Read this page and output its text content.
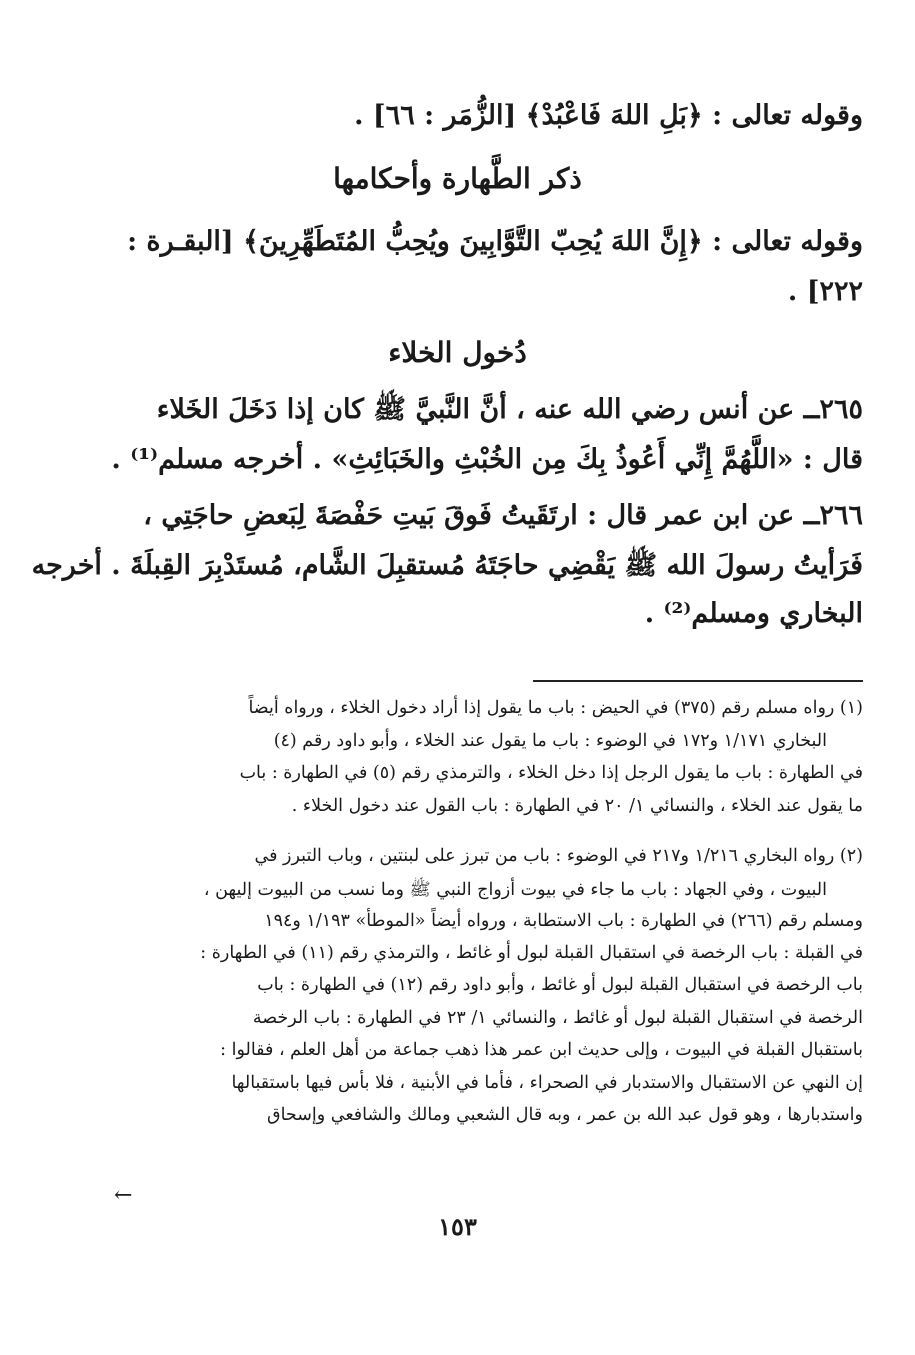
وقوله تعالى : ﴿بَلِ اللهَ فَاعْبُدْ﴾ [الزُّمَر : ٦٦] .
ذكر الطَّهارة وأحكامها
وقوله تعالى : ﴿إِنَّ اللهَ يُحِبّ التَّوَّابِينَ ويُحِبُّ المُتَطَهِّرِينَ﴾ [البقـرة :
٢٢٢] .
دُخول الخلاء
٢٦٥ــ عن أنس رضي الله عنه ، أنَّ النَّبيَّ ﷺ كان إذا دَخَلَ الخَلاء
قال : «اللَّهُمَّ إِنِّي أَعُوذُ بِكَ مِن الخُبْثِ والخَبَائِثِ» . أخرجه مسلم⁽¹⁾ .
٢٦٦ــ عن ابن عمر قال : ارتَقَيتُ فَوقَ بَيتِ حَفْصَةَ لِبَعضِ حاجَتِي ،
فَرَأيتُ رسولَ الله ﷺ يَقْضِي حاجَتَهُ مُستقبِلَ الشَّام، مُستَدْبِرَ القِبلَةَ . أخرجه
البخاري ومسلم⁽²⁾ .
(١) رواه مسلم رقم (٣٧٥) في الحيض : باب ما يقول إذا أراد دخول الخلاء ، ورواه أيضاً
البخاري ١/١٧١ و١٧٢ في الوضوء : باب ما يقول عند الخلاء ، وأبو داود رقم (٤)
في الطهارة : باب ما يقول الرجل إذا دخل الخلاء ، والترمذي رقم (٥) في الطهارة : باب
ما يقول عند الخلاء ، والنسائي ١/ ٢٠ في الطهارة : باب القول عند دخول الخلاء .
(٢) رواه البخاري ١/٢١٦ و٢١٧ في الوضوء : باب من تبرز على لبنتين ، وباب التبرز في
البيوت ، وفي الجهاد : باب ما جاء في بيوت أزواج النبي ﷺ وما نسب من البيوت إليهن ،
ومسلم رقم (٢٦٦) في الطهارة : باب الاستطابة ، ورواه أيضاً «الموطأ» ١/١٩٣ و١٩٤
في القبلة : باب الرخصة في استقبال القبلة لبول أو غائط ، والترمذي رقم (١١) في الطهارة :
باب الرخصة في استقبال القبلة لبول أو غائط ، وأبو داود رقم (١٢) في الطهارة : باب
الرخصة في استقبال القبلة لبول أو غائط ، والنسائي ١/ ٢٣ في الطهارة : باب الرخصة
باستقبال القبلة في البيوت ، وإلى حديث ابن عمر هذا ذهب جماعة من أهل العلم ، فقالوا :
إن النهي عن الاستقبال والاستدبار في الصحراء ، فأما في الأبنية ، فلا بأس فيها باستقبالها
واستدبارها ، وهو قول عبد الله بن عمر ، وبه قال الشعبي ومالك والشافعي وإسحاق
←
١٥٣
